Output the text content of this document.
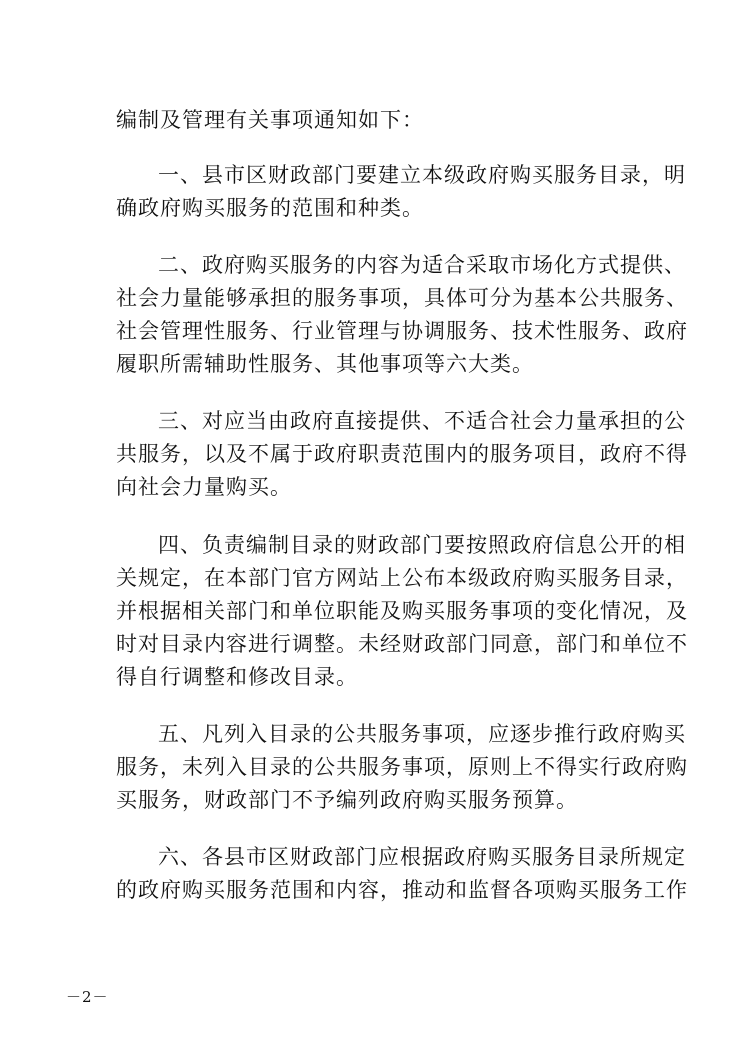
编制及管理有关事项通知如下：
一、县市区财政部门要建立本级政府购买服务目录，明
确政府购买服务的范围和种类。
二、政府购买服务的内容为适合采取市场化方式提供、
社会力量能够承担的服务事项，具体可分为基本公共服务、
社会管理性服务、行业管理与协调服务、技术性服务、政府
履职所需辅助性服务、其他事项等六大类。
三、对应当由政府直接提供、不适合社会力量承担的公
共服务，以及不属于政府职责范围内的服务项目，政府不得
向社会力量购买。
四、负责编制目录的财政部门要按照政府信息公开的相
关规定，在本部门官方网站上公布本级政府购买服务目录，
并根据相关部门和单位职能及购买服务事项的变化情况，及
时对目录内容进行调整。未经财政部门同意，部门和单位不
得自行调整和修改目录。
五、凡列入目录的公共服务事项，应逐步推行政府购买
服务，未列入目录的公共服务事项，原则上不得实行政府购
买服务，财政部门不予编列政府购买服务预算。
六、各县市区财政部门应根据政府购买服务目录所规定
的政府购买服务范围和内容，推动和监督各项购买服务工作
－2－
